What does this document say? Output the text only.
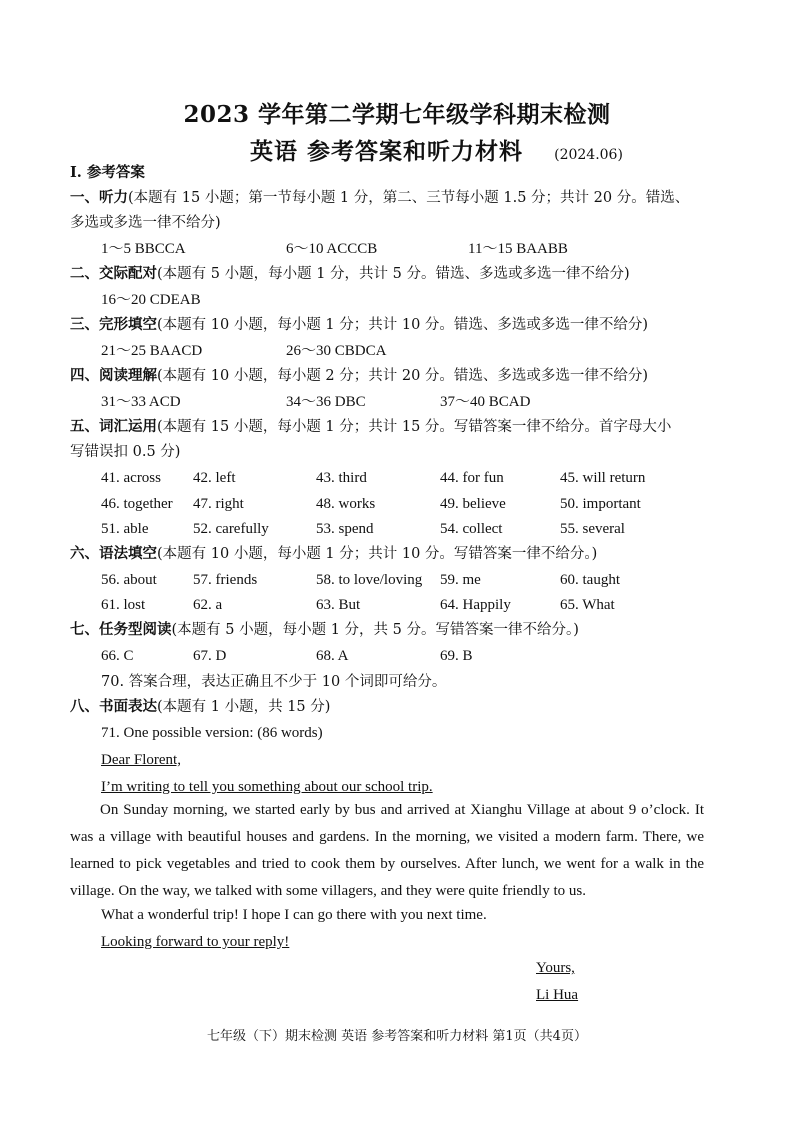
2023 学年第二学期七年级学科期末检测
英语 参考答案和听力材料 (2024.06)
Ⅰ. 参考答案
一、听力(本题有 15 小题；第一节每小题 1 分，第二、三节每小题 1.5 分；共计 20 分。错选、
多选或多选一律不给分)
1～5 BBCCA	6～10 ACCCB	11～15 BAABB
二、交际配对(本题有 5 小题，每小题 1 分，共计 5 分。错选、多选或多选一律不给分)
16～20 CDEAB
三、完形填空(本题有 10 小题，每小题 1 分；共计 10 分。错选、多选或多选一律不给分)
21～25 BAACD	26～30 CBDCA
四、阅读理解(本题有 10 小题，每小题 2 分；共计 20 分。错选、多选或多选一律不给分)
31～33 ACD	34～36 DBC	37～40 BCAD
五、词汇运用(本题有 15 小题，每小题 1 分；共计 15 分。写错答案一律不给分。首字母大小
写错误扣 0.5 分)
41. across 42. left	43. third	44. for fun	45. will return
46. together 47. right	48. works	49. believe	50. important
51. able	52. carefully	53. spend	54. collect	55. several
六、语法填空(本题有 10 小题，每小题 1 分；共计 10 分。写错答案一律不给分。)
56. about 57. friends	58. to love/loving 59. me	60. taught
61. lost	62. a	63. But	64. Happily	65. What
七、任务型阅读(本题有 5 小题，每小题 1 分，共 5 分。写错答案一律不给分。)
66. C	67. D	68. A	69. B
70. 答案合理，表达正确且不少于 10 个词即可给分。
八、书面表达(本题有 1 小题，共 15 分)
71. One possible version: (86 words)
Dear Florent,
I’m writing to tell you something about our school trip.

On Sunday morning, we started early by bus and arrived at Xianghu Village at about 9 o’clock. It was a village with beautiful houses and gardens. In the morning, we visited a modern farm. There, we learned to pick vegetables and tried to cook them by ourselves. After lunch, we went for a walk in the village. On the way, we talked with some villagers, and they were quite friendly to us.

What a wonderful trip! I hope I can go there with you next time.
Looking forward to your reply!
Yours,
Li Hua
七年级（下）期末检测 英语 参考答案和听力材料 第1页（共4页）
